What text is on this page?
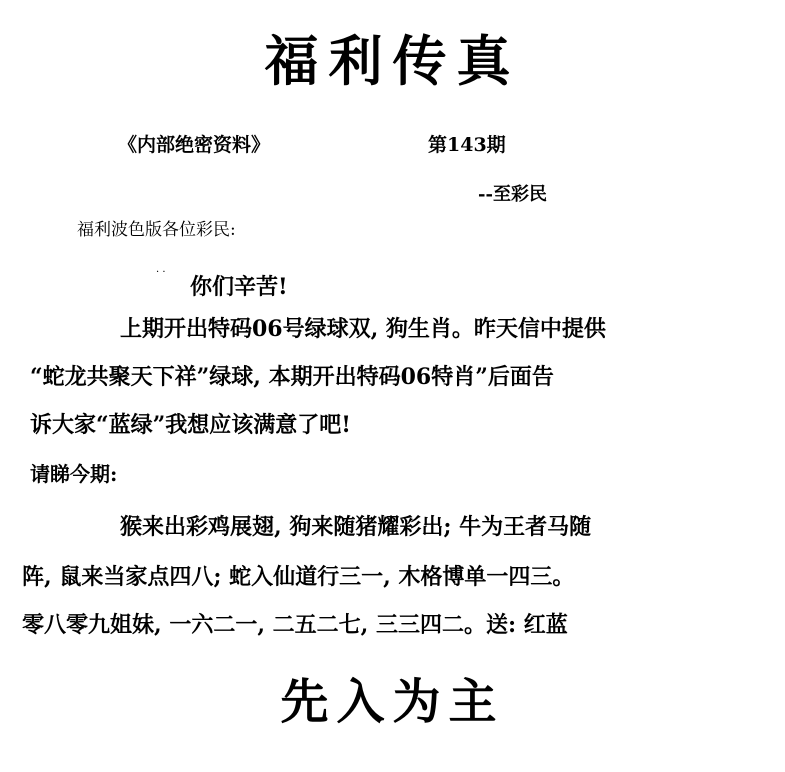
福利传真
《内部绝密资料》	第143期
--至彩民
福利波色版各位彩民:
· ·
你们辛苦!
上期开出特码06号绿球双, 狗生肖。昨天信中提供
“蛇龙共聚天下祥”绿球, 本期开出特码06特肖”后面告
诉大家“蓝绿”我想应该满意了吧!
请睇今期:
猴来出彩鸡展翅, 狗来随猪耀彩出; 牛为王者马随
阵, 鼠来当家点四八; 蛇入仙道行三一, 木格博单一四三。
零八零九姐妹, 一六二一, 二五二七, 三三四二。送: 红蓝
先入为主
